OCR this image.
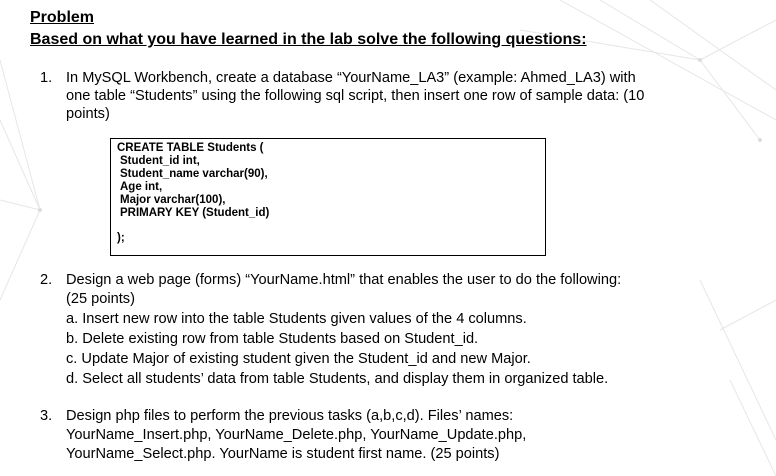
Problem
Based on what you have learned in the lab solve the following questions:
1. In MySQL Workbench, create a database “YourName_LA3” (example: Ahmed_LA3) with
one table “Students” using the following sql script, then insert one row of sample data: (10
points)
CREATE TABLE Students (
Student_id int,
Student_name varchar(90),
Age int,
Major varchar(100),
PRIMARY KEY (Student_id)
);
2. Design a web page (forms) “YourName.html” that enables the user to do the following:
(25 points)
a. Insert new row into the table Students given values of the 4 columns.
b. Delete existing row from table Students based on Student_id.
c. Update Major of existing student given the Student_id and new Major.
d. Select all students’ data from table Students, and display them in organized table.
3. Design php files to perform the previous tasks (a,b,c,d). Files’ names:
YourName_Insert.php, YourName_Delete.php, YourName_Update.php,
YourName_Select.php. YourName is student first name. (25 points)
